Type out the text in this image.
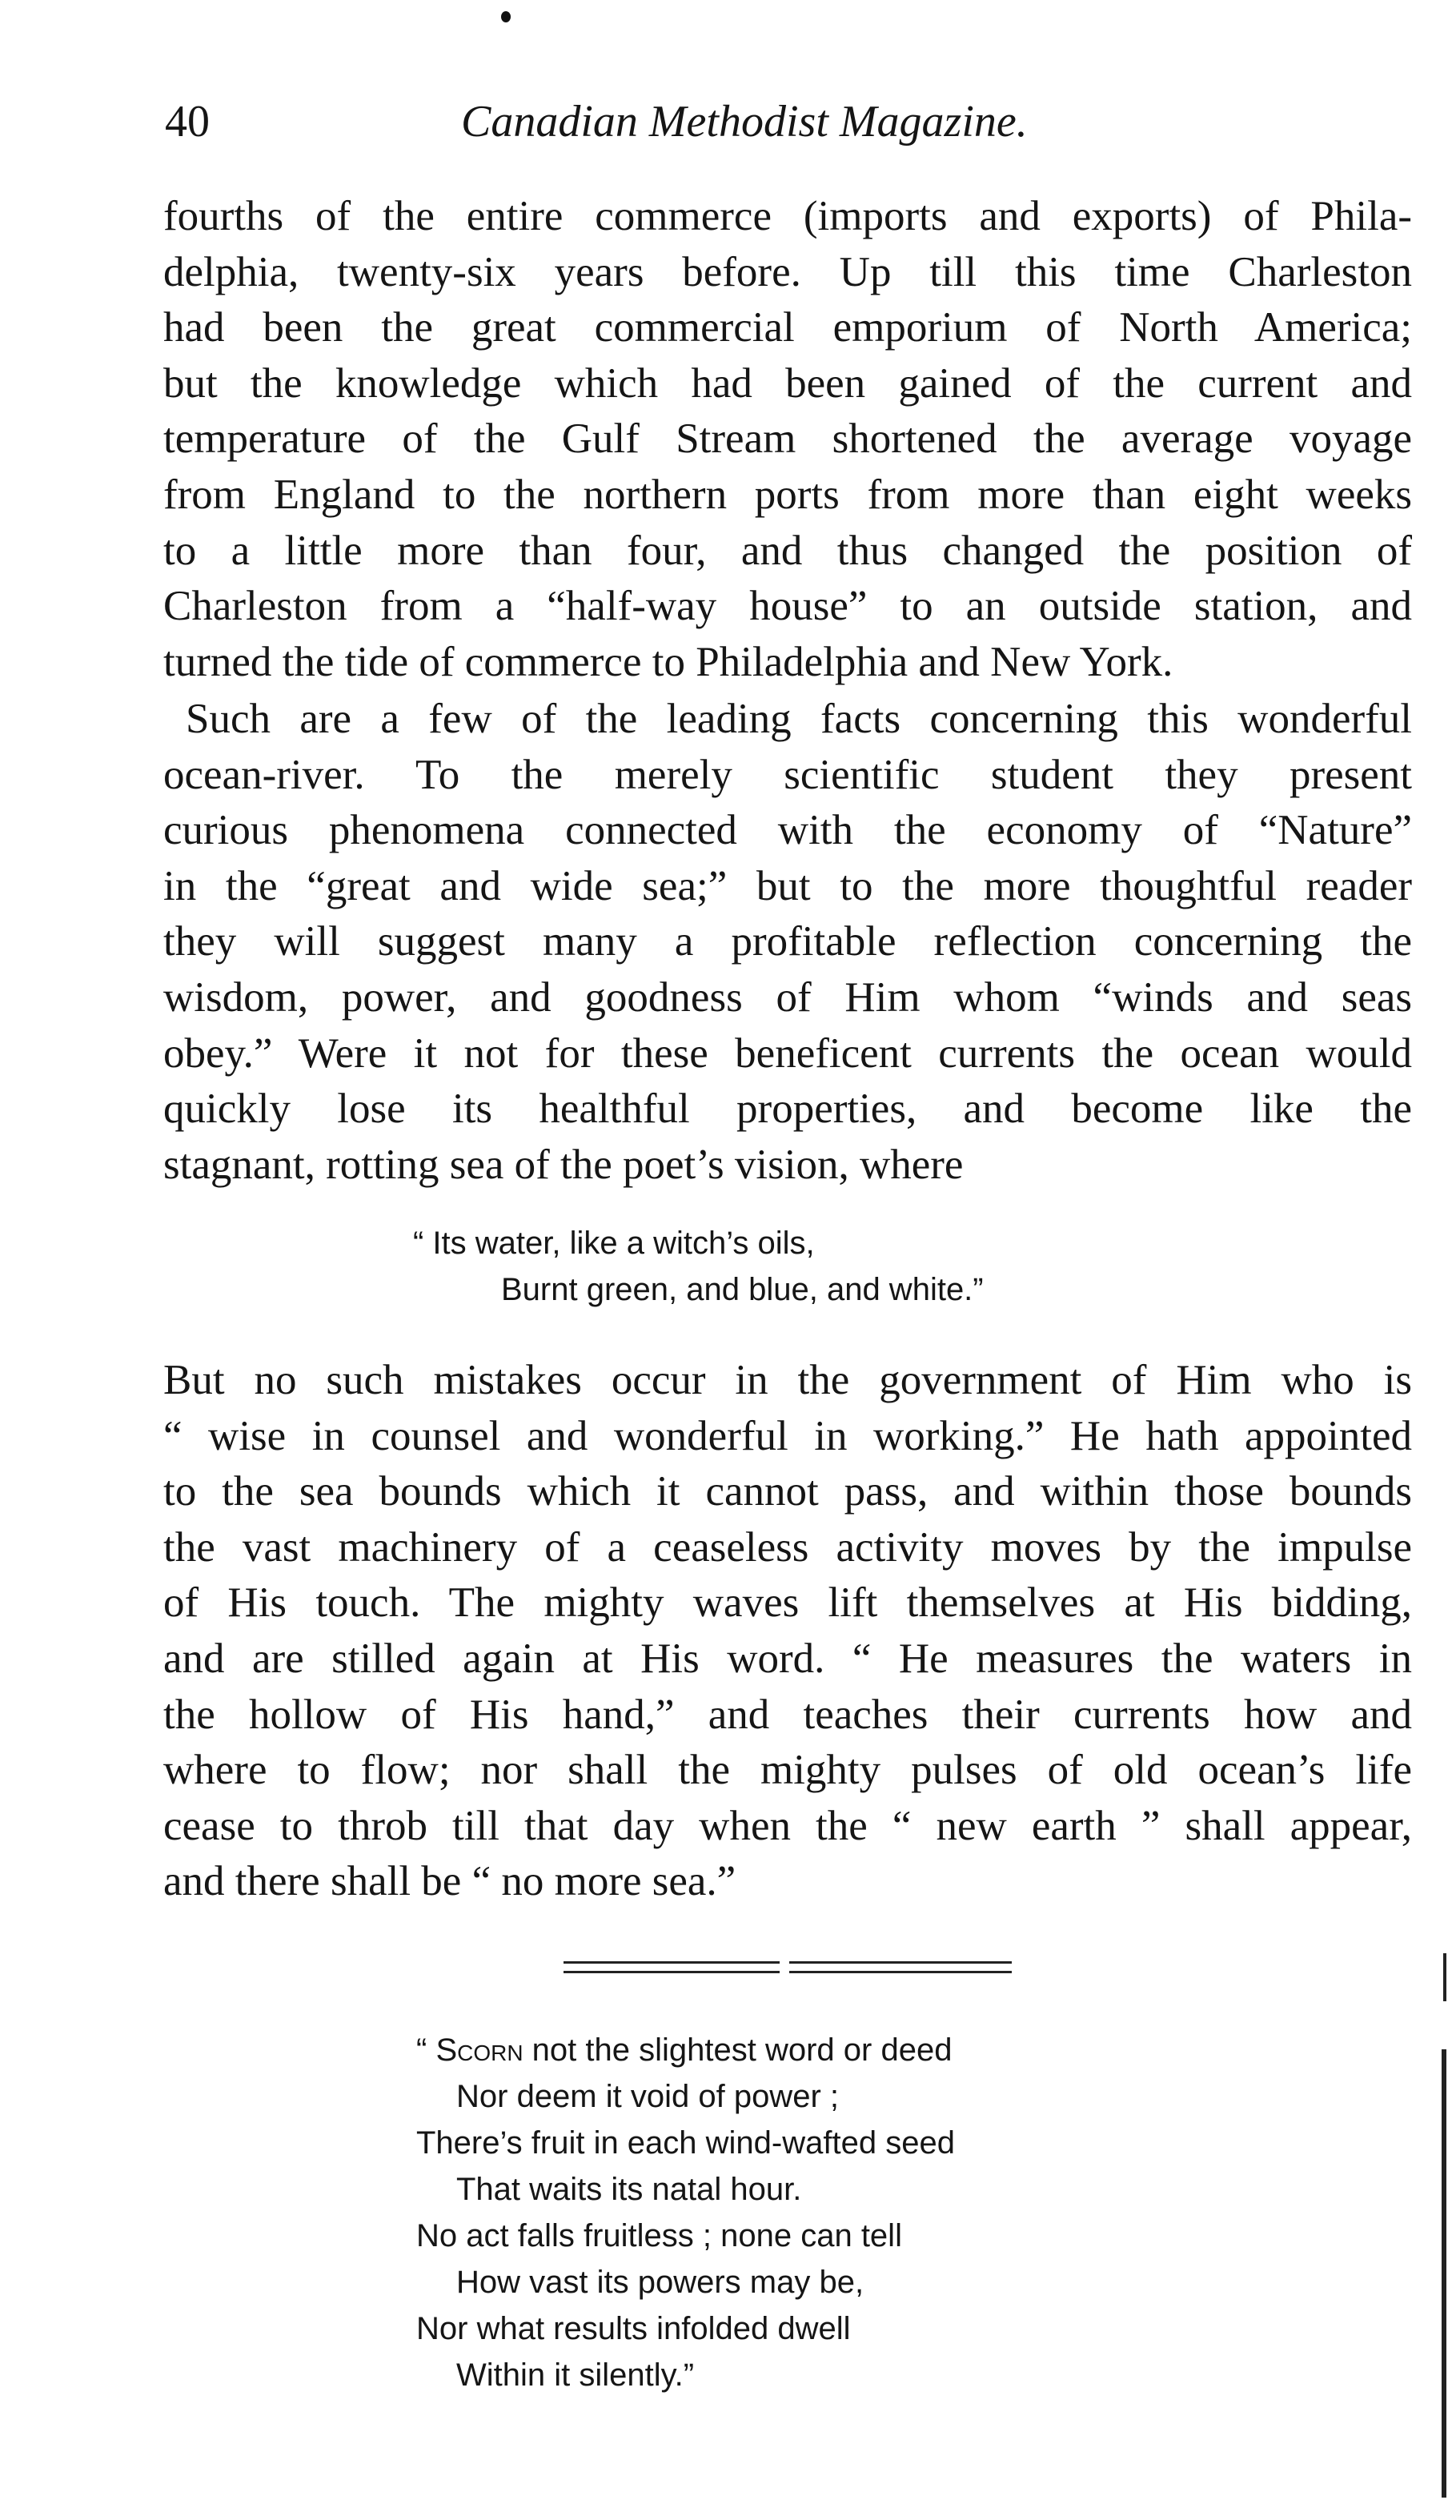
40	Canadian Methodist Magazine.
fourths of the entire commerce (imports and exports) of Phila-
delphia, twenty-six years before. Up till this time Charleston
had been the great commercial emporium of North America;
but the knowledge which had been gained of the current and
temperature of the Gulf Stream shortened the average voyage
from England to the northern ports from more than eight weeks
to a little more than four, and thus changed the position of
Charleston from a “half-way house” to an outside station, and
turned the tide of commerce to Philadelphia and New York.
Such are a few of the leading facts concerning this wonderful
ocean-river. To the merely scientific student they present
curious phenomena connected with the economy of “Nature”
in the “great and wide sea;” but to the more thoughtful reader
they will suggest many a profitable reflection concerning the
wisdom, power, and goodness of Him whom “winds and seas
obey.” Were it not for these beneficent currents the ocean would
quickly lose its healthful properties, and become like the
stagnant, rotting sea of the poet’s vision, where
“ Its water, like a witch’s oils,
Burnt green, and blue, and white.”
But no such mistakes occur in the government of Him who is
“ wise in counsel and wonderful in working.” He hath appointed
to the sea bounds which it cannot pass, and within those bounds
the vast machinery of a ceaseless activity moves by the impulse
of His touch. The mighty waves lift themselves at His bidding,
and are stilled again at His word. “ He measures the waters in
the hollow of His hand,” and teaches their currents how and
where to flow; nor shall the mighty pulses of old ocean’s life
cease to throb till that day when the “ new earth ” shall appear,
and there shall be “ no more sea.”
“ Scorn not the slightest word or deed
Nor deem it void of power ;
There’s fruit in each wind-wafted seed
That waits its natal hour.
No act falls fruitless ; none can tell
How vast its powers may be,
Nor what results infolded dwell
Within it silently.”
